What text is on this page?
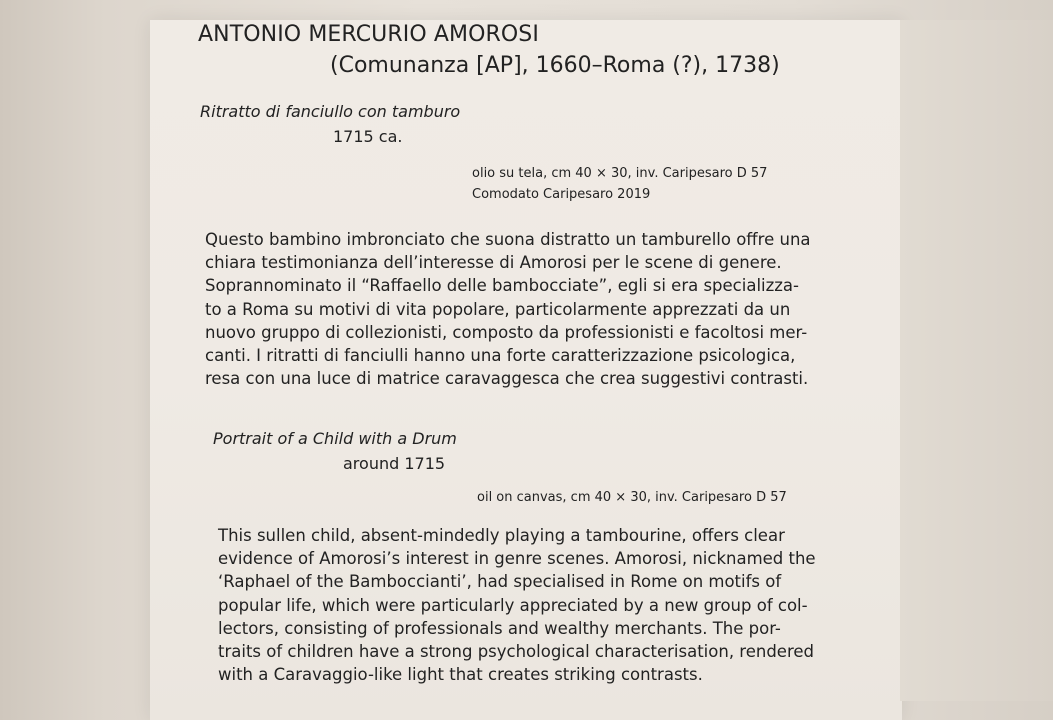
ANTONIO MERCURIO AMOROSI

(Comunanza [AP], 1660–Roma (?), 1738)

Ritratto di fanciullo con tamburo

1715 ca.

olio su tela, cm 40 × 30, inv. Caripesaro D 57

Comodato Caripesaro 2019

Questo bambino imbronciato che suona distratto un tamburello offre una
chiara testimonianza dell’interesse di Amorosi per le scene di genere.
Soprannominato il “Raffaello delle bambocciate”, egli si era specializza-
to a Roma su motivi di vita popolare, particolarmente apprezzati da un
nuovo gruppo di collezionisti, composto da professionisti e facoltosi mer-
canti. I ritratti di fanciulli hanno una forte caratterizzazione psicologica,
resa con una luce di matrice caravaggesca che crea suggestivi contrasti.

Portrait of a Child with a Drum

around 1715

oil on canvas, cm 40 × 30, inv. Caripesaro D 57

This sullen child, absent-mindedly playing a tambourine, offers clear
evidence of Amorosi’s interest in genre scenes. Amorosi, nicknamed the
‘Raphael of the Bamboccianti’, had specialised in Rome on motifs of
popular life, which were particularly appreciated by a new group of col-
lectors, consisting of professionals and wealthy merchants. The por-
traits of children have a strong psychological characterisation, rendered
with a Caravaggio-like light that creates striking contrasts.
